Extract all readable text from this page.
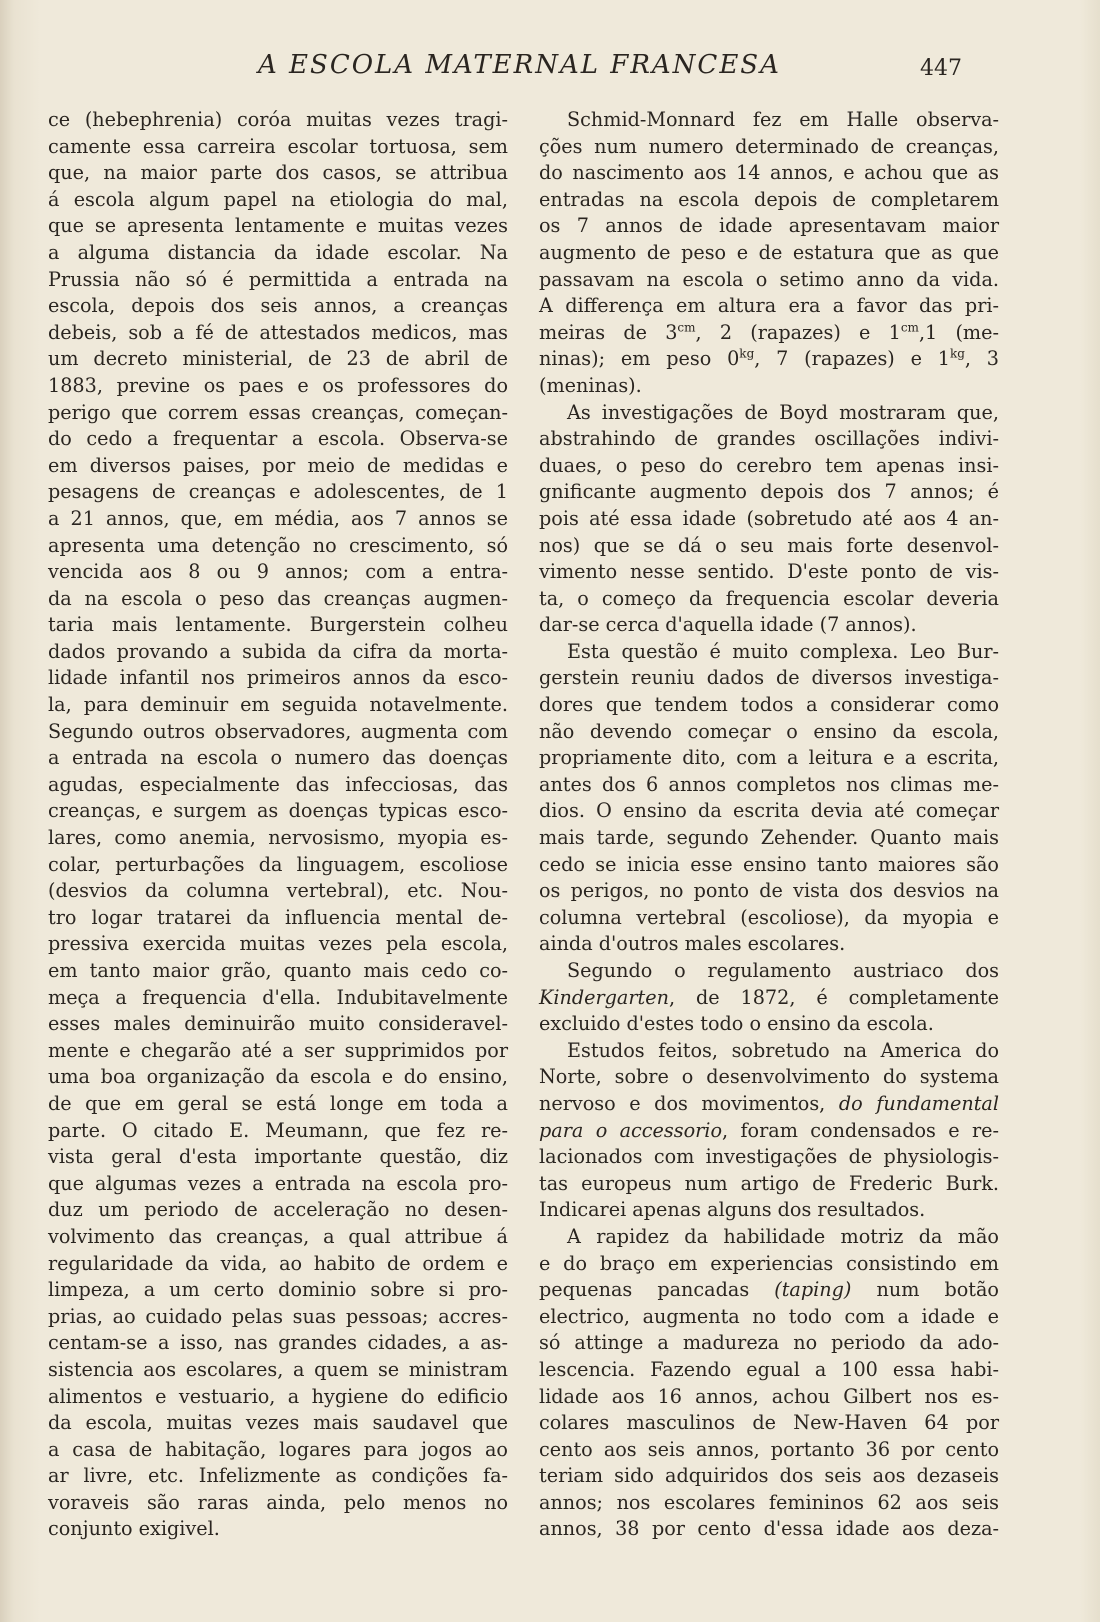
A ESCOLA MATERNAL FRANCESA	447
ce (hebephrenia) coróa muitas vezes tragi-
camente essa carreira escolar tortuosa, sem
que, na maior parte dos casos, se attribua
á escola algum papel na etiologia do mal,
que se apresenta lentamente e muitas vezes
a alguma distancia da idade escolar. Na
Prussia não só é permittida a entrada na
escola, depois dos seis annos, a creanças
debeis, sob a fé de attestados medicos, mas
um decreto ministerial, de 23 de abril de
1883, previne os paes e os professores do
perigo que correm essas creanças, começan-
do cedo a frequentar a escola. Observa-se
em diversos paises, por meio de medidas e
pesagens de creanças e adolescentes, de 1
a 21 annos, que, em média, aos 7 annos se
apresenta uma detenção no crescimento, só
vencida aos 8 ou 9 annos; com a entra-
da na escola o peso das creanças augmen-
taria mais lentamente. Burgerstein colheu
dados provando a subida da cifra da morta-
lidade infantil nos primeiros annos da esco-
la, para deminuir em seguida notavelmente.
Segundo outros observadores, augmenta com
a entrada na escola o numero das doenças
agudas, especialmente das infecciosas, das
creanças, e surgem as doenças typicas esco-
lares, como anemia, nervosismo, myopia es-
colar, perturbações da linguagem, escoliose
(desvios da columna vertebral), etc. Nou-
tro logar tratarei da influencia mental de-
pressiva exercida muitas vezes pela escola,
em tanto maior grão, quanto mais cedo co-
meça a frequencia d'ella. Indubitavelmente
esses males deminuirão muito consideravel-
mente e chegarão até a ser supprimidos por
uma boa organização da escola e do ensino,
de que em geral se está longe em toda a
parte. O citado E. Meumann, que fez re-
vista geral d'esta importante questão, diz
que algumas vezes a entrada na escola pro-
duz um periodo de acceleração no desen-
volvimento das creanças, a qual attribue á
regularidade da vida, ao habito de ordem e
limpeza, a um certo dominio sobre si pro-
prias, ao cuidado pelas suas pessoas; accres-
centam-se a isso, nas grandes cidades, a as-
sistencia aos escolares, a quem se ministram
alimentos e vestuario, a hygiene do edificio
da escola, muitas vezes mais saudavel que
a casa de habitação, logares para jogos ao
ar livre, etc. Infelizmente as condições fa-
voraveis são raras ainda, pelo menos no
conjunto exigivel.
Schmid-Monnard fez em Halle observa-
ções num numero determinado de creanças,
do nascimento aos 14 annos, e achou que as
entradas na escola depois de completarem
os 7 annos de idade apresentavam maior
augmento de peso e de estatura que as que
passavam na escola o setimo anno da vida.
A differença em altura era a favor das pri-
meiras de $3^{cm}$, 2 (rapazes) e $1^{cm},1$ (me-
ninas); em peso $0^{kg}$, 7 (rapazes) e $1^{kg}$, 3
(meninas).
As investigações de Boyd mostraram que,
abstrahindo de grandes oscillações indivi-
duaes, o peso do cerebro tem apenas insi-
gnificante augmento depois dos 7 annos; é
pois até essa idade (sobretudo até aos 4 an-
nos) que se dá o seu mais forte desenvol-
vimento nesse sentido. D'este ponto de vis-
ta, o começo da frequencia escolar deveria
dar-se cerca d'aquella idade (7 annos).
Esta questão é muito complexa. Leo Bur-
gerstein reuniu dados de diversos investiga-
dores que tendem todos a considerar como
não devendo começar o ensino da escola,
propriamente dito, com a leitura e a escrita,
antes dos 6 annos completos nos climas me-
dios. O ensino da escrita devia até começar
mais tarde, segundo Zehender. Quanto mais
cedo se inicia esse ensino tanto maiores são
os perigos, no ponto de vista dos desvios na
columna vertebral (escoliose), da myopia e
ainda d'outros males escolares.
Segundo o regulamento austriaco dos
Kindergarten, de 1872, é completamente
excluido d'estes todo o ensino da escola.
Estudos feitos, sobretudo na America do
Norte, sobre o desenvolvimento do systema
nervoso e dos movimentos, do fundamental
para o accessorio, foram condensados e re-
lacionados com investigações de physiologis-
tas europeus num artigo de Frederic Burk.
Indicarei apenas alguns dos resultados.
A rapidez da habilidade motriz da mão
e do braço em experiencias consistindo em
pequenas pancadas (taping) num botão
electrico, augmenta no todo com a idade e
só attinge a madureza no periodo da ado-
lescencia. Fazendo egual a 100 essa habi-
lidade aos 16 annos, achou Gilbert nos es-
colares masculinos de New-Haven 64 por
cento aos seis annos, portanto 36 por cento
teriam sido adquiridos dos seis aos dezaseis
annos; nos escolares femininos 62 aos seis
annos, 38 por cento d'essa idade aos deza-
